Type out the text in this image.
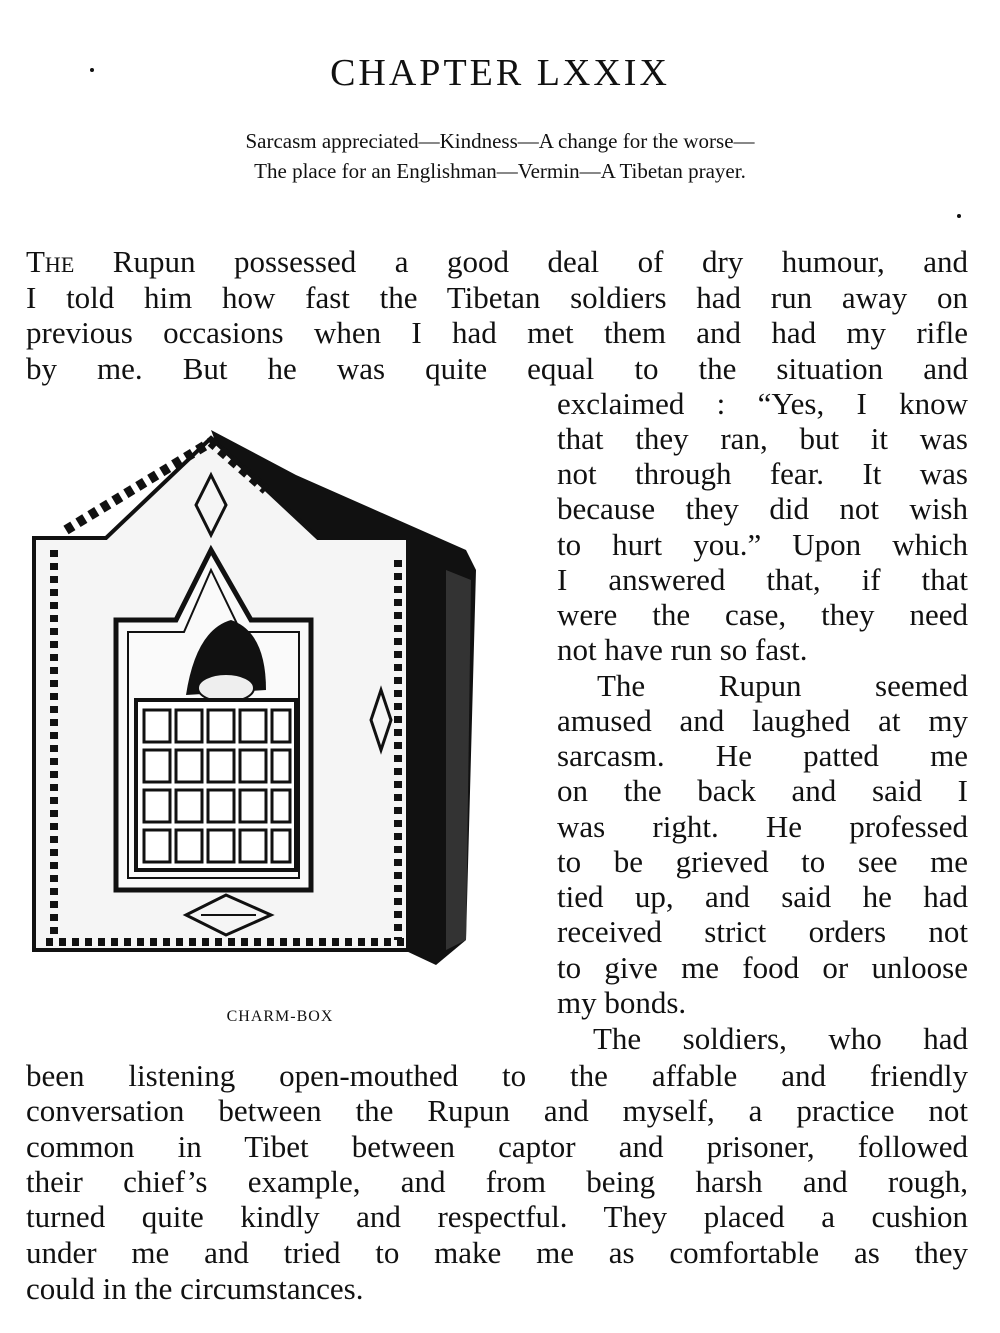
CHAPTER LXXIX
Sarcasm appreciated—Kindness—A change for the worse—
The place for an Englishman—Vermin—A Tibetan prayer.
The Rupun possessed a good deal of dry humour, and
I told him how fast the Tibetan soldiers had run away on
previous occasions when I had met them and had my rifle
by me. But he was quite equal to the situation and
exclaimed : “Yes, I know
that they ran, but it was
not through fear. It was
because they did not wish
to hurt you.” Upon which
I answered that, if that
were the case, they need
not have run so fast.
The Rupun seemed
amused and laughed at my
sarcasm. He patted me
on the back and said I
was right. He professed
to be grieved to see me
tied up, and said he had
received strict orders not
to give me food or unloose
my bonds.
The soldiers, who had
been listening open-mouthed to the affable and friendly
conversation between the Rupun and myself, a practice not
common in Tibet between captor and prisoner, followed
their chief’s example, and from being harsh and rough,
turned quite kindly and respectful. They placed a cushion
under me and tried to make me as comfortable as they
could in the circumstances.
CHARM-BOX
